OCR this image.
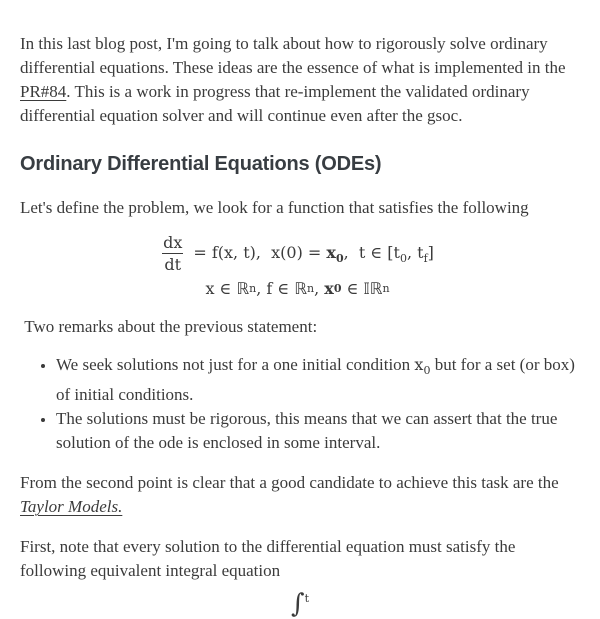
In this last blog post, I'm going to talk about how to rigorously solve ordinary differential equations. These ideas are the essence of what is implemented in the PR#84. This is a work in progress that re-implement the validated ordinary differential equation solver and will continue even after the gsoc.

Ordinary Differential Equations (ODEs)

Let's define the problem, we look for a function that satisfies the following

$\frac{dx}{dt} = f(x$, t),  $x(0) = x_0$,  t ∈ [$t_0$, $t_f$]
x ∈ ℝ n , f ∈ ℝ n , x 0 ∈ 𝕀ℝ n

Two remarks about the previous statement:

• We seek solutions not just for a one initial condition $x_0$ but for a set (or box) of initial conditions.
• The solutions must be rigorous, this means that we can assert that the true solution of the ode is enclosed in some interval.

From the second point is clear that a good candidate to achieve this task are the Taylor Models.

First, note that every solution to the differential equation must satisfy the following equivalent integral equation

∫ t
